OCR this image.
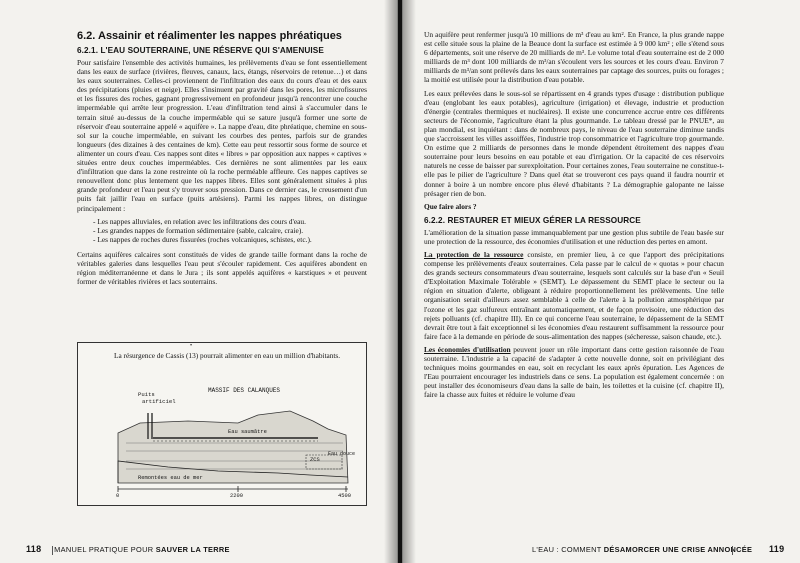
6.2. Assainir et réalimenter les nappes phréatiques
6.2.1. L'EAU SOUTERRAINE, UNE RÉSERVE QUI S'AMENUISE

Pour satisfaire l'ensemble des activités humaines, les prélèvements d'eau se font essentiellement dans les eaux de surface (rivières, fleuves, canaux, lacs, étangs, réservoirs de retenue…) et dans les eaux souterraines. Celles-ci proviennent de l'infiltration des eaux du cours d'eau et des eaux des précipitations (pluies et neige). Elles s'insinuent par gravité dans les pores, les microfissures et les fissures des roches, gagnant progressivement en profondeur jusqu'à rencontrer une couche imperméable qui arrête leur progression. L'eau d'infiltration tend ainsi à s'accumuler dans le terrain situé au-dessus de la couche imperméable qui se sature jusqu'à former une sorte de réservoir d'eau souterraine appelé « aquifère ». La nappe d'eau, dite phréatique, chemine en sous-sol sur la couche imperméable, en suivant les courbes des pentes, parfois sur de grandes longueurs (des dizaines à des centaines de km). Cette eau peut ressortir sous forme de source et alimenter un cours d'eau. Ces nappes sont dites « libres » par opposition aux nappes « captives » situées entre deux couches imperméables. Ces dernières ne sont alimentées par les eaux d'infiltration que dans la zone restreinte où la roche perméable affleure. Ces nappes captives se renouvellent donc plus lentement que les nappes libres. Elles sont généralement situées à plus grande profondeur et l'eau peut s'y trouver sous pression. Dans ce dernier cas, le creusement d'un puits fait jaillir l'eau en surface (puits artésiens). Parmi les nappes libres, on distingue principalement :

- Les nappes alluviales, en relation avec les infiltrations des cours d'eau.
- Les grandes nappes de formation sédimentaire (sable, calcaire, craie).
- Les nappes de roches dures fissurées (roches volcaniques, schistes, etc.).

Certains aquifères calcaires sont constitués de vides de grande taille formant dans la roche de véritables galeries dans lesquelles l'eau peut s'écouler rapidement. Ces aquifères abondent en région méditerranéenne et dans le Jura ; ils sont appelés aquifères « karstiques » et peuvent former de véritables rivières et lacs souterrains.

La résurgence de Cassis (13) pourrait alimenter en eau un million d'habitants.
•
Puits
artificiel
MASSIF DES CALANQUES
Eau saumâtre
Remontées eau de mer
ZCS
Eau douce
0	2200	4500
118 MANUEL PRATIQUE POUR SAUVER LA TERRE

Un aquifère peut renfermer jusqu'à 10 millions de m³ d'eau au km². En France, la plus grande nappe est celle située sous la plaine de la Beauce dont la surface est estimée à 9 000 km² ; elle s'étend sous 6 départements, soit une réserve de 20 milliards de m³. Le volume total d'eau souterraine est de 2 000 milliards de m³ dont 100 milliards de m³/an s'écoulent vers les sources et les cours d'eau. Environ 7 milliards de m³/an sont prélevés dans les eaux souterraines par captage des sources, puits ou forages ; la moitié est utilisée pour la distribution d'eau potable.

Les eaux prélevées dans le sous-sol se répartissent en 4 grands types d'usage : distribution publique d'eau (englobant les eaux potables), agriculture (irrigation) et élevage, industrie et production d'énergie (centrales thermiques et nucléaires). Il existe une concurrence accrue entre ces différents secteurs de l'économie, l'agriculture étant la plus gourmande. Le tableau dressé par le PNUE*, au plan mondial, est inquiétant : dans de nombreux pays, le niveau de l'eau souterraine diminue tandis que s'accroissent les villes assoiffées, l'industrie trop consommatrice et l'agriculture trop gourmande. On estime que 2 milliards de personnes dans le monde dépendent étroitement des nappes d'eau souterraine pour leurs besoins en eau potable et eau d'irrigation. Or la capacité de ces réservoirs naturels ne cesse de baisser par surexploitation. Pour certaines zones, l'eau souterraine ne constitue-t-elle pas le pilier de l'agriculture ? Dans quel état se trouveront ces pays quand il faudra nourrir et donner à boire à un nombre encore plus élevé d'habitants ? La démographie galopante ne laisse présager rien de bon.

Que faire alors ?

6.2.2. RESTAURER ET MIEUX GÉRER LA RESSOURCE

L'amélioration de la situation passe immanquablement par une gestion plus subtile de l'eau basée sur une protection de la ressource, des économies d'utilisation et une réduction des pertes en amont.

La protection de la ressource consiste, en premier lieu, à ce que l'apport des précipitations compense les prélèvements d'eaux souterraines. Cela passe par le calcul de « quotas » pour chacun des grands secteurs consommateurs d'eau souterraine, lesquels sont calculés sur la base d'un « Seuil d'Exploitation Maximale Tolérable » (SEMT). Le dépassement du SEMT place le secteur ou la région en situation d'alerte, obligeant à réduire proportionnellement les prélèvements. Une telle organisation serait d'ailleurs assez semblable à celle de l'alerte à la pollution atmosphérique par l'ozone et les gaz sulfureux entraînant automatiquement, et de façon provisoire, une réduction des rejets polluants (cf. chapitre III). En ce qui concerne l'eau souterraine, le dépassement de la SEMT devrait être tout à fait exceptionnel si les économies d'eau restaurent suffisamment la ressource pour faire face à la demande en période de sous-alimentation des nappes (sécheresse, saison chaude, etc.).

Les économies d'utilisation peuvent jouer un rôle important dans cette gestion raisonnée de l'eau souterraine. L'industrie a la capacité de s'adapter à cette nouvelle donne, soit en privilégiant des techniques moins gourmandes en eau, soit en recyclant les eaux après épuration. Les Agences de l'Eau pourraient encourager les industriels dans ce sens. La population est également concernée : on peut installer des économiseurs d'eau dans la salle de bain, les toilettes et la cuisine (cf. chapitre II), faire la chasse aux fuites et réduire le volume d'eau

L'EAU : COMMENT DÉSAMORCER UNE CRISE ANNONCÉE 119
